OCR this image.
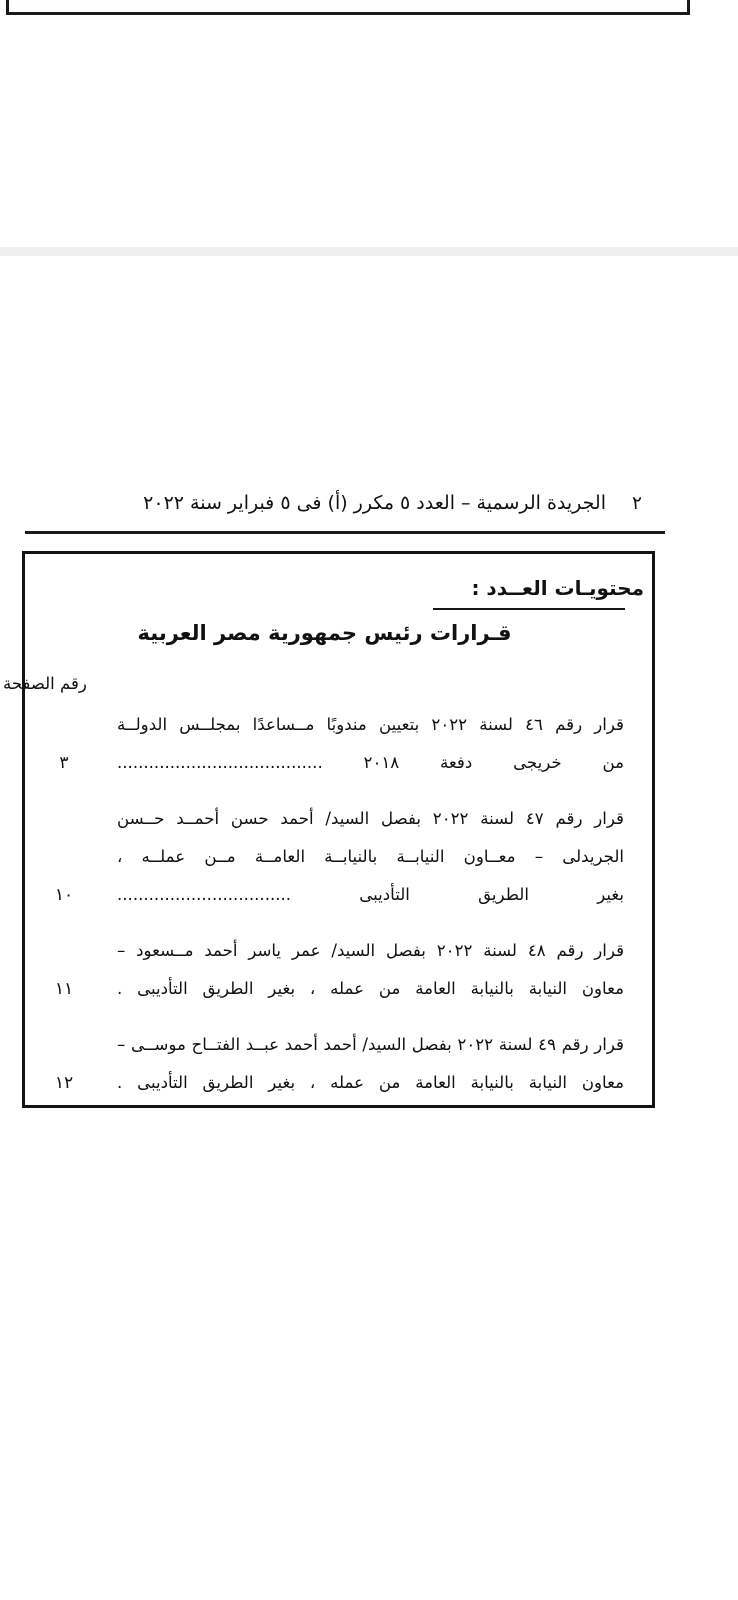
٢
الجريدة الرسمية – العدد ٥ مكرر (أ) فى ٥ فبراير سنة ٢٠٢٢
محتويـات العــدد :
قـرارات رئيس جمهورية مصر العربية
رقم الصفحة
قرار رقم ٤٦ لسنة ٢٠٢٢ بتعيين مندوبًا مــساعدًا بمجلــس الدولــة
من خريجى دفعة ٢٠١٨ .......................................
٣
قرار رقم ٤٧ لسنة ٢٠٢٢ بفصل السيد/ أحمد حسن أحمــد حــسن
الجريدلى – معــاون النيابــة بالنيابــة العامــة مــن عملــه ،
بغير الطريق التأديبى .................................
١٠
قرار رقم ٤٨ لسنة ٢٠٢٢ بفصل السيد/ عمر ياسر أحمد مــسعود –
معاون النيابة بالنيابة العامة من عمله ، بغير الطريق التأديبى .
١١
قرار رقم ٤٩ لسنة ٢٠٢٢ بفصل السيد/ أحمد أحمد عبــد الفتــاح موســى –
معاون النيابة بالنيابة العامة من عمله ، بغير الطريق التأديبى .
١٢
